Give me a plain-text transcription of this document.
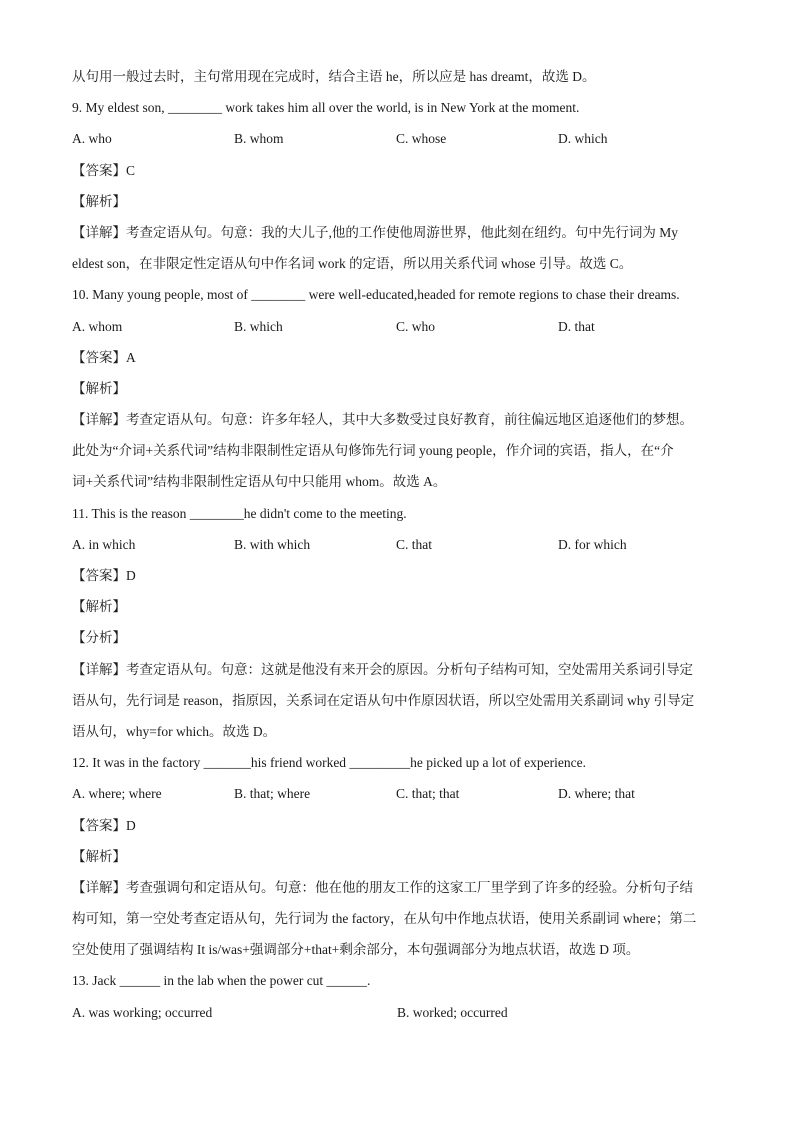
从句用一般过去时，主句常用现在完成时，结合主语 he，所以应是 has dreamt，故选 D。
9. My eldest son, ________ work takes him all over the world, is in New York at the moment.
A. who	B. whom	C. whose	D. which
【答案】C
【解析】
【详解】考查定语从句。句意：我的大儿子,他的工作使他周游世界，他此刻在纽约。句中先行词为 My
eldest son，在非限定性定语从句中作名词 work 的定语，所以用关系代词 whose 引导。故选 C。
10. Many young people, most of ________ were well-educated,headed for remote regions to chase their dreams.
A. whom	B. which	C. who	D. that
【答案】A
【解析】
【详解】考查定语从句。句意：许多年轻人，其中大多数受过良好教育，前往偏远地区追逐他们的梦想。
此处为“介词+关系代词”结构非限制性定语从句修饰先行词 young people，作介词的宾语，指人，在“介
词+关系代词”结构非限制性定语从句中只能用 whom。故选 A。
11. This is the reason ________he didn't come to the meeting.
A. in which	B. with which	C. that	D. for which
【答案】D
【解析】
【分析】
【详解】考查定语从句。句意：这就是他没有来开会的原因。分析句子结构可知，空处需用关系词引导定
语从句，先行词是 reason，指原因，关系词在定语从句中作原因状语，所以空处需用关系副词 why 引导定
语从句，why=for which。故选 D。
12. It was in the factory _______his friend worked _________he picked up a lot of experience.
A. where; where	B. that; where	C. that; that	D. where; that
【答案】D
【解析】
【详解】考查强调句和定语从句。句意：他在他的朋友工作的这家工厂里学到了许多的经验。分析句子结
构可知，第一空处考查定语从句，先行词为 the factory，在从句中作地点状语，使用关系副词 where；第二
空处使用了强调结构 It is/was+强调部分+that+剩余部分，本句强调部分为地点状语，故选 D 项。
13. Jack ______ in the lab when the power cut ______.
A. was working; occurred	B. worked; occurred
